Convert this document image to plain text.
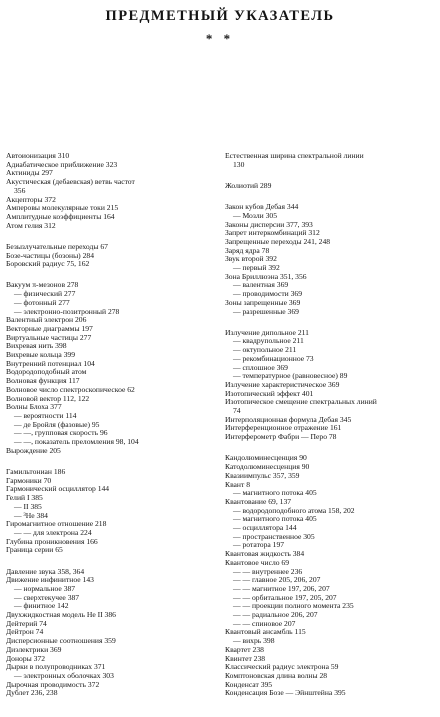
ПРЕДМЕТНЫЙ УКАЗАТЕЛЬ
* *
Автоионизация 310
Адиабатическое приближение 323
Актиниды 297
Акустическая (дебаевская) ветвь частот
356
Акцепторы 372
Амперовы молекулярные токи 215
Амплитудные коэффициенты 164
Атом гелия 312
Безызлучательные переходы 67
Бозе-частицы (бозоны) 284
Боровский радиус 75, 162
Вакуум π-мезонов 278
— физический 277
— фотонный 277
— электронно-позитронный 278
Валентный электрон 206
Векторные диаграммы 197
Виртуальные частицы 277
Вихревая нить 398
Вихревые кольца 399
Внутренний потенциал 104
Водородоподобный атом
Волновая функция 117
Волновое число спектроскопическое 62
Волновой вектор 112, 122
Волны Блоха 377
— вероятности 114
— де Бройля (фазовые) 95
— —, групповая скорость 96
— —, показатель преломления 98, 104
Вырождение 205
Гамильтониан 186
Гармоники 70
Гармонический осциллятор 144
Гелий I 385
— II 385
— ³Не 384
Гиромагнитное отношение 218
— — для электрона 224
Глубина проникновения 166
Граница серии 65
Давление звука 358, 364
Движение инфинитное 143
— нормальное 387
— сверхтекучее 387
— финитное 142
Двухжидкостная модель Не II 386
Дейтерий 74
Дейтрон 74
Дисперсионные соотношения 359
Диэлектрики 369
Доноры 372
Дырки в полупроводниках 371
— электронных оболочках 303
Дырочная проводимость 372
Дублет 236, 238
Естественная ширина спектральной линии
130
Жолиотий 289
Закон кубов Дебая 344
— Мозли 305
Законы дисперсии 377, 393
Запрет интеркомбинаций 312
Запрещенные переходы 241, 248
Заряд ядра 78
Звук второй 392
— первый 392
Зона Бриллюэна 351, 356
— валентная 369
— проводимости 369
Зоны запрещенные 369
— разрешенные 369
Излучение дипольное 211
— квадрупольное 211
— октупольное 211
— рекомбинационное 73
— сплошное 369
— температурное (равновесное) 89
Излучение характеристическое 369
Изотопический эффект 401
Изотопическое смещение спектральных линий
74
Интерполяционная формула Дебая 345
Интерференционное отражение 161
Интерферометр Фабри — Перо 78
Кандолюминесценция 90
Катодолюминесценция 90
Квазиимпульс 357, 359
Квант 8
— магнитного потока 405
Квантование 69, 137
— водородоподобного атома 158, 202
— магнитного потока 405
— осциллятора 144
— пространственное 305
— ротатора 197
Квантовая жидкость 384
Квантовое число 69
— — внутреннее 236
— — главное 205, 206, 207
— — магнитное 197, 206, 207
— — орбитальное 197, 205, 207
— — проекции полного момента 235
— — радиальное 206, 207
— — спиновое 207
Квантовый ансамбль 115
— вихрь 398
Квартет 238
Квинтет 238
Классический радиус электрона 59
Комптоновская длина волны 28
Конденсат 395
Конденсация Бозе — Эйнштейна 395
